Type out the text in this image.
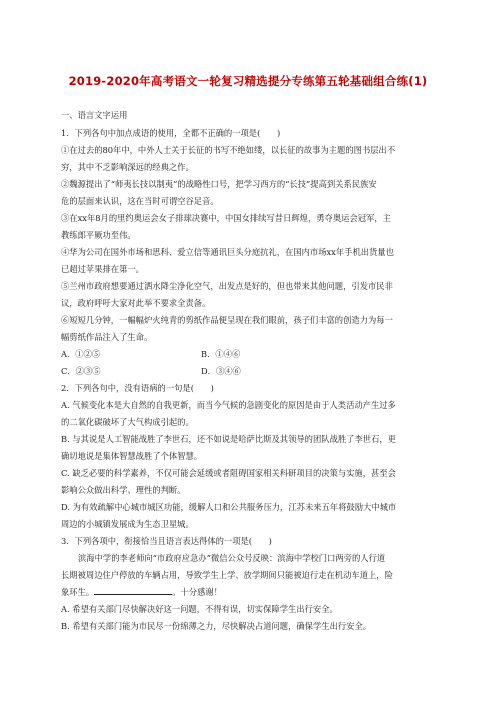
2019-2020年高考语文一轮复习精选提分专练第五轮基础组合练(1)
一、语言文字运用
1．下列各句中加点成语的使用，全都不正确的一项是(　　)
①在过去的80年中，中外人士关于长征的书写不绝如缕，以长征的故事为主题的图书层出不
穷，其中不乏影响深远的经典之作。
②魏源提出了“师夷长技以制夷”的战略性口号，把学习西方的“长技”提高到关系民族安
危的层面来认识，这在当时可谓空谷足音。
③在xx年8月的里约奥运会女子排球决赛中，中国女排续写昔日辉煌，勇夺奥运会冠军，主
教练郎平厥功至伟。
④华为公司在国外市场和思科、爱立信等通讯巨头分庭抗礼，在国内市场xx年手机出货量也
已超过苹果排在第一。
⑤兰州市政府想要通过洒水降尘净化空气，出发点是好的，但也带来其他问题，引发市民非
议，政府呼吁大家对此举不要求全责备。
⑥短短几分钟，一幅幅炉火纯青的剪纸作品便呈现在我们眼前，孩子们丰富的创造力为每一
幅剪纸作品注入了生命。
A．①②⑤	B．①④⑥
C．②③⑤	D．③④⑥
2．下列各句中，没有语病的一句是(　　)
A. 气候变化本是大自然的自我更新，而当今气候的急剧变化的原因是由于人类活动产生过多
的二氧化碳破坏了大气构成引起的。
B. 与其说是人工智能战胜了李世石，还不如说是哈萨比斯及其领导的团队战胜了李世石，更
确切地说是集体智慧战胜了个体智慧。
C. 缺乏必要的科学素养，不仅可能会延缓或者阻碍国家相关科研项目的决策与实施，甚至会
影响公众做出科学、理性的判断。
D. 为有效疏解中心城市城区功能，缓解人口和公共服务压力，江苏未来五年将鼓励大中城市
周边的小城镇发展成为生态卫星城。
3．下列各项中，衔接恰当且语言表达得体的一项是(　　)
滨海中学的李老师向“市政府应急办”微信公众号反映：滨海中学校门口两旁的人行道
长期被周边住户停放的车辆占用，导致学生上学、放学期间只能被迫行走在机动车道上，险
象环生。	。十分感谢！
A. 希望有关部门尽快解决好这一问题，不得有误，切实保障学生出行安全。
B. 希望有关部门能为市民尽一份绵薄之力，尽快解决占道问题，确保学生出行安全。
